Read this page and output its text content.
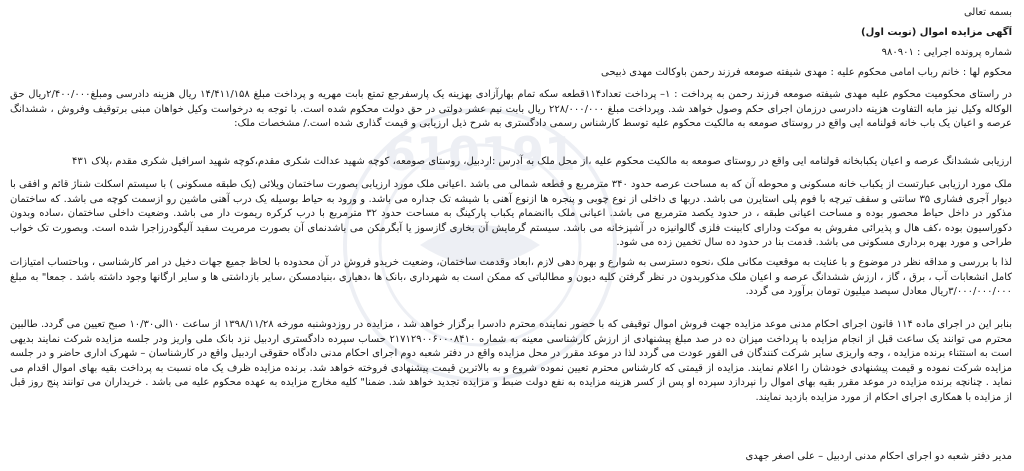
610191
بسمه تعالی
آگهی مزایده اموال (نوبت اول)
شماره پرونده اجرایی : ۹۸۰۹۰۱
محکوم لها : خانم رباب امامی محکوم علیه : مهدی شیفته صومعه فرزند رحمن باوکالت مهدی ذبیحی
در راستای محکومیت محکوم علیه مهدی شیفته صومعه فرزند رحمن به پرداخت : ۱– پرداخت تعداد۱۱۴قطعه سکه تمام بهارآزادی بهزینه یک پارسفرجع تمتع بابت مهریه و پرداخت مبلغ ۱۴/۴۱۱/۱۵۸ ریال هزینه دادرسی ومبلغ۲/۴۰۰/۰۰۰ریال حق الوکاله وکیل نیز مابه التفاوت هزینه دادرسی درزمان اجرای حکم وصول خواهد شد. وپرداخت مبلغ ۲۲۸/۰۰۰/۰۰۰ ریال بابت نیم عشر دولتی در حق دولت محکوم شده است. با توجه به درخواست وکیل خواهان مبنی برتوقیف وفروش ، ششدانگ عرصه و اعیان یک باب خانه قولنامه ایی واقع در روستای صومعه به مالکیت محکوم علیه توسط کارشناس رسمی دادگستری به شرح ذیل ارزیابی و قیمت گذاری شده است./ مشخصات ملک:
ارزیابی ششدانگ عرصه و اعیان یکبابخانه قولنامه ایی واقع در روستای صومعه به مالکیت محکوم علیه ،از محل ملک به آدرس :اردبیل، روستای صومعه، کوچه شهید عدالت شکری مقدم،کوچه شهید اسرافیل شکری مقدم ،پلاک ۴۳۱
ملک مورد ارزیابی عبارتست از یکباب خانه مسکونی و محوطه آن که به مساحت عرصه حدود ۳۴۰ مترمربع و قطعه شمالی می باشد .اعیانی ملک مورد ارزیابی بصورت ساختمان ویلائی (یک طبقه مسکونی ) با سیستم اسکلت شناژ قائم و افقی با دیوار آجری فشاری ۳۵ سانتی و سقف تیرچه با فوم پلی استایرن می باشد. دربها ی داخلی از نوع چوبی و پنجره ها ازنوع آهنی با شیشه تک جداره می باشد. و ورود به حیاط بوسیله یک درب آهنی ماشین رو ازسمت کوچه می باشد. که ساختمان مذکور در داخل حیاط محصور بوده و مساحت اعیانی طبقه ، در حدود یکصد مترمربع می باشد. اعیانی ملک باانضمام یکباب پارکینگ به مساحت حدود ۳۲ مترمربع با درب کرکره ریموت دار می باشد. وضعیت داخلی ساختمان ،ساده وبدون دکوراسیون بوده ،کف هال و پذیرائی مفروش به موکت ودارای کابینت فلزی گالوانیزه در آشپزخانه می باشد. سیستم گرمایش آن بخاری گازسوز یا آبگرمکن می باشدنمای آن بصورت مرمریت سفید آلیگودرزاجرا شده است. وبصورت تک خواب طراحی و مورد بهره برداری مسکونی می باشد. قدمت بنا در حدود ده سال تخمین زده می شود.
لذا با بررسی و مداقه نظر در موضوع و با عنایت به موقعیت مکانی ملک ،نحوه دسترسی به شوارع و بهره دهی لازم ،ابعاد وقدمت ساختمان، وضعیت خریدو فروش در آن محدوده با لحاظ جمیع جهات دخیل در امر کارشناسی ، وباحتساب امتیازات کامل انشعابات آب ، برق ، گاز ، ارزش ششدانگ عرصه و اعیان ملک مذکوربدون در نظر گرفتن کلیه دیون و مطالباتی که ممکن است به شهرداری ،بانک ها ،دهیاری ،بنیادمسکن ،سایر بازداشتی ها و سایر ارگانها وجود داشته باشد . جمعا" به مبلغ ۳/۰۰۰/۰۰۰/۰۰۰ریال معادل سیصد میلیون تومان برآورد می گردد.
بنابر این در اجرای ماده ۱۱۴ قانون اجرای احکام مدنی موعد مزایده جهت فروش اموال توقیفی که با حضور نماینده محترم دادسرا برگزار خواهد شد ، مزایده در روزدوشنبه مورخه ۱۳۹۸/۱۱/۲۸ از ساعت ۱۰الی۱۰/۳۰ صبح تعیین می گردد. طالبین محترم می توانند یک ساعت قبل از انجام مزایده با پرداخت میزان ده در صد مبلغ پیشنهادی از ارزش کارشناسی معینه به شماره ۲۱۷۱۲۹۰۰۶۰۰۰۸۴۱۰ حساب سپرده دادگستری اردبیل نزد بانک ملی واریز ودر جلسه مزایده شرکت نمایند بدیهی است به استثناء برنده مزایده ، وجه واریزی سایر شرکت کنندگان فی الفور عودت می گردد لذا در موعد مقرر در محل مزایده واقع در دفتر شعبه دوم اجرای احکام مدنی دادگاه حقوقی اردبیل واقع در کارشناسان – شهرک اداری حاضر و در جلسه مزایده شرکت نموده و قیمت پیشنهادی خودشان را اعلام نمایند. مزایده از قیمتی که کارشناس محترم تعیین نموده شروع و به بالاترین قیمت پیشنهادی فروخته خواهد شد. برنده مزایده ظرف یک ماه نسبت به پرداخت بقیه بهای اموال اقدام می نماید . چنانچه برنده مزایده در موعد مقرر بقیه بهای اموال را نپردازد سپرده او پس از کسر هزینه مزایده به نفع دولت ضبط و مزایده تجدید خواهد شد. ضمنا" کلیه مخارج مزایده به عهده محکوم علیه می باشد . خریداران می توانند پنج روز قبل از مزایده با همکاری اجرای احکام از مورد مزایده بازدید نمایند.
مدیر دفتر شعبه دو اجرای احکام مدنی اردبیل – علی اصغر جهدی
